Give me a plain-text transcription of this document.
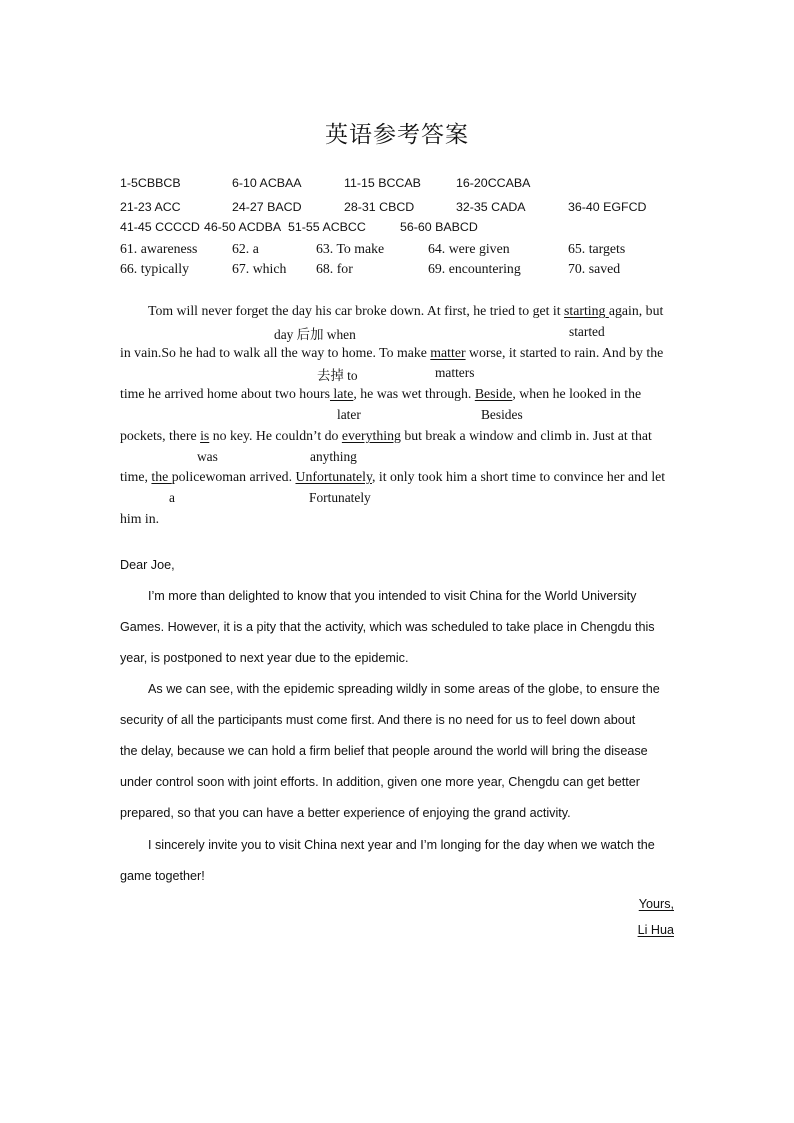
英语参考答案
1-5CBBCB	6-10 ACBAA	11-15 BCCAB	16-20CCABA
21-23 ACC	24-27 BACD	28-31 CBCD	32-35 CADA	36-40 EGFCD
41-45 CCCCD 46-50 ACDBA 51-55 ACBCC	56-60 BABCD
61. awareness	62. a	63. To make	64. were given	65. targets
66. typically	67. which 68. for	69. encountering	70. saved
Tom will never forget the day his car broke down. At first, he tried to get it starting again, but
day 后加 when	started
in vain.So he had to walk all the way to home. To make matter worse, it started to rain. And by the
去掉 to	matters
time he arrived home about two hours late, he was wet through. Beside, when he looked in the
later	Besides
pockets, there is no key. He couldn’t do everything but break a window and climb in. Just at that
was	anything
time, the policewoman arrived. Unfortunately, it only took him a short time to convince her and let
a	Fortunately
him in.
Dear Joe,
I’m more than delighted to know that you intended to visit China for the World University
Games. However, it is a pity that the activity, which was scheduled to take place in Chengdu this
year, is postponed to next year due to the epidemic.
As we can see, with the epidemic spreading wildly in some areas of the globe, to ensure the
security of all the participants must come first. And there is no need for us to feel down about
the delay, because we can hold a firm belief that people around the world will bring the disease
under control soon with joint efforts. In addition, given one more year, Chengdu can get better
prepared, so that you can have a better experience of enjoying the grand activity.
I sincerely invite you to visit China next year and I’m longing for the day when we watch the
game together!
Yours,
Li Hua
